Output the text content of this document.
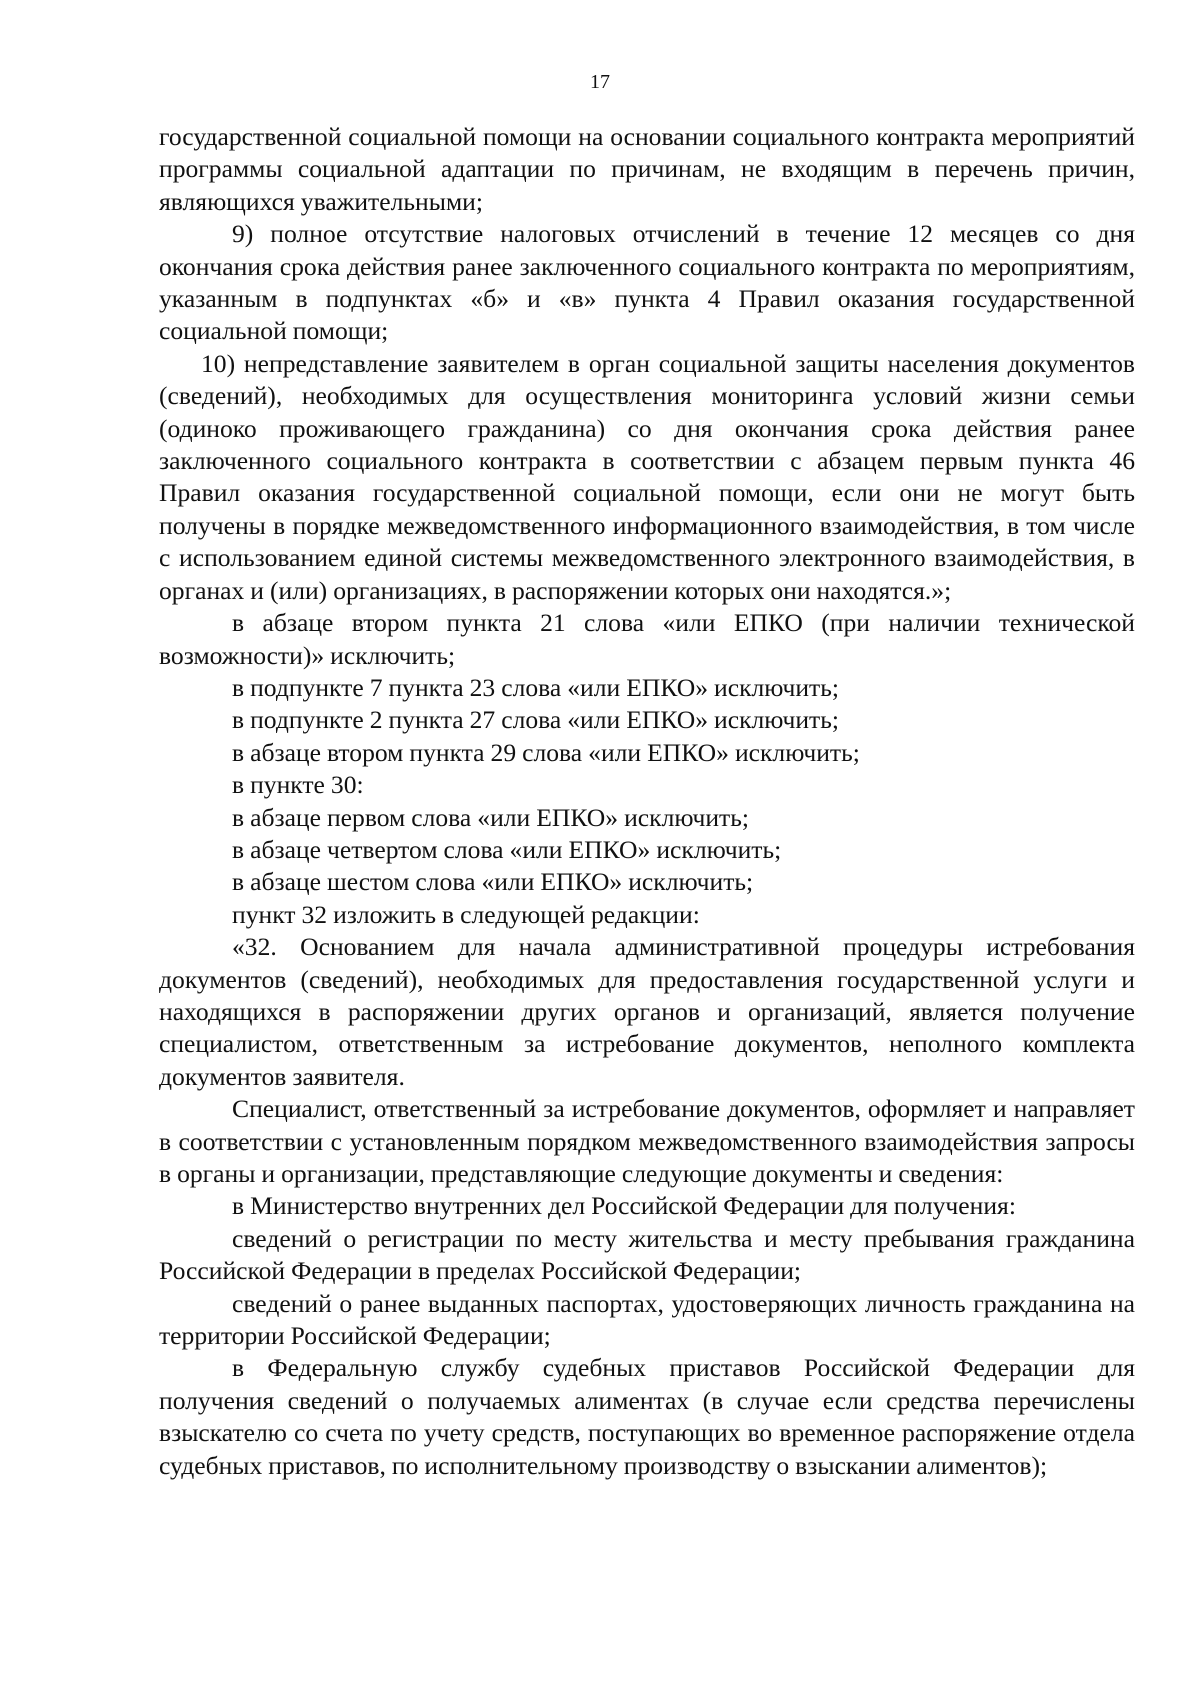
17

государственной социальной помощи на основании социального контракта мероприятий программы социальной адаптации по причинам, не входящим в перечень причин, являющихся уважительными;

9) полное отсутствие налоговых отчислений в течение 12 месяцев со дня окончания срока действия ранее заключенного социального контракта по мероприятиям, указанным в подпунктах «б» и «в» пункта 4 Правил оказания государственной социальной помощи;

10) непредставление заявителем в орган социальной защиты населения документов (сведений), необходимых для осуществления мониторинга условий жизни семьи (одиноко проживающего гражданина) со дня окончания срока действия ранее заключенного социального контракта в соответствии с абзацем первым пункта 46 Правил оказания государственной социальной помощи, если они не могут быть получены в порядке межведомственного информационного взаимодействия, в том числе с использованием единой системы межведомственного электронного взаимодействия, в органах и (или) организациях, в распоряжении которых они находятся.»;

в абзаце втором пункта 21 слова «или ЕПКО (при наличии технической возможности)» исключить;

в подпункте 7 пункта 23 слова «или ЕПКО» исключить;

в подпункте 2 пункта 27 слова «или ЕПКО» исключить;

в абзаце втором пункта 29 слова «или ЕПКО» исключить;

в пункте 30:

в абзаце первом слова «или ЕПКО» исключить;

в абзаце четвертом слова «или ЕПКО» исключить;

в абзаце шестом слова «или ЕПКО» исключить;

пункт 32 изложить в следующей редакции:

«32. Основанием для начала административной процедуры истребования документов (сведений), необходимых для предоставления государственной услуги и находящихся в распоряжении других органов и организаций, является получение специалистом, ответственным за истребование документов, неполного комплекта документов заявителя.

Специалист, ответственный за истребование документов, оформляет и направляет в соответствии с установленным порядком межведомственного взаимодействия запросы в органы и организации, представляющие следующие документы и сведения:

в Министерство внутренних дел Российской Федерации для получения:

сведений о регистрации по месту жительства и месту пребывания гражданина Российской Федерации в пределах Российской Федерации;

сведений о ранее выданных паспортах, удостоверяющих личность гражданина на территории Российской Федерации;

в Федеральную службу судебных приставов Российской Федерации для получения сведений о получаемых алиментах (в случае если средства перечислены взыскателю со счета по учету средств, поступающих во временное распоряжение отдела судебных приставов, по исполнительному производству о взыскании алиментов);
